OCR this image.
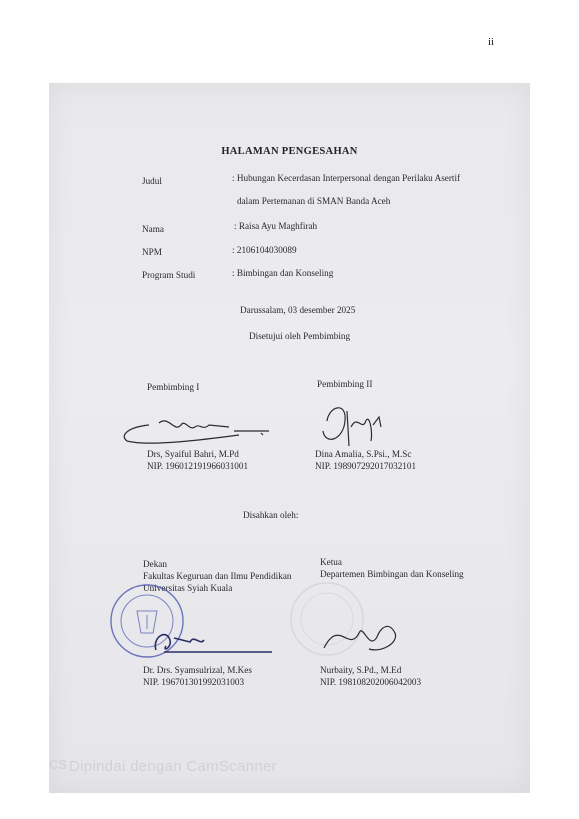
ii
HALAMAN PENGESAHAN
Judul	: Hubungan Kecerdasan Interpersonal dengan Perilaku Asertif
dalam Pertemanan di SMAN Banda Aceh
Nama	: Raisa Ayu Maghfirah
NPM	: 2106104030089
Program Studi	: Bimbingan dan Konseling
Darussalam, 03 desember 2025
Disetujui oleh Pembimbing
Pembimbing I	Pembimbing II
Drs, Syaiful Bahri, M.Pd
NIP. 196012191966031001
Dina Amalia, S.Psi., M.Sc
NIP. 198907292017032101
Disahkan oleh:
Dekan
Fakultas Keguruan dan Ilmu Pendidikan
Universitas Syiah Kuala
Ketua
Departemen Bimbingan dan Konseling
Dr. Drs. Syamsulrizal, M.Kes
NIP. 196701301992031003
Nurbaity, S.Pd., M.Ed
NIP. 198108202006042003
CS Dipindai dengan CamScanner
